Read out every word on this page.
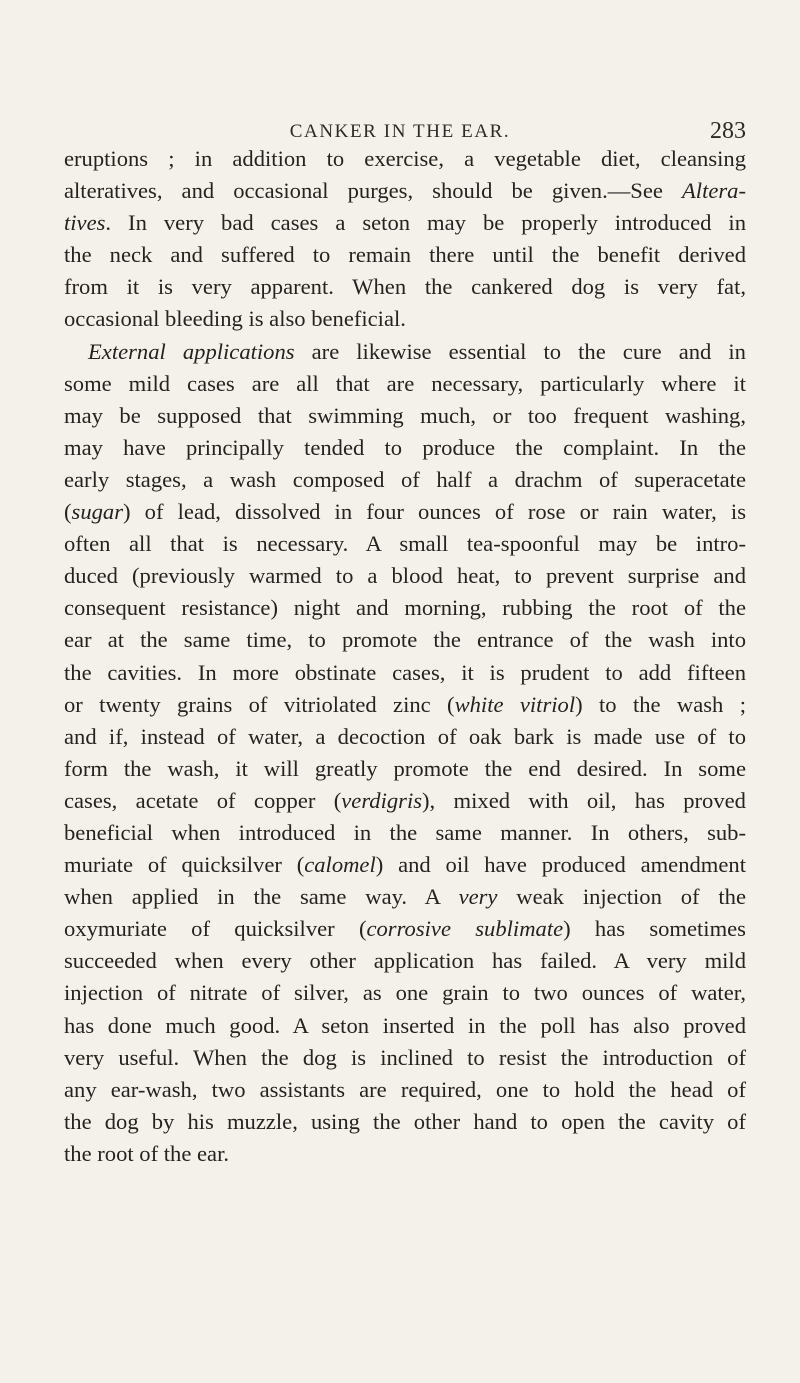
CANKER IN THE EAR.	283
eruptions ; in addition to exercise, a vegetable diet, cleansing
alteratives, and occasional purges, should be given.—See Altera-
tives. In very bad cases a seton may be properly introduced in
the neck and suffered to remain there until the benefit derived
from it is very apparent. When the cankered dog is very fat,
occasional bleeding is also beneficial.
External applications are likewise essential to the cure and in
some mild cases are all that are necessary, particularly where it
may be supposed that swimming much, or too frequent washing,
may have principally tended to produce the complaint. In the
early stages, a wash composed of half a drachm of superacetate
(sugar) of lead, dissolved in four ounces of rose or rain water, is
often all that is necessary. A small tea-spoonful may be intro-
duced (previously warmed to a blood heat, to prevent surprise and
consequent resistance) night and morning, rubbing the root of the
ear at the same time, to promote the entrance of the wash into
the cavities. In more obstinate cases, it is prudent to add fifteen
or twenty grains of vitriolated zinc (white vitriol) to the wash ;
and if, instead of water, a decoction of oak bark is made use of to
form the wash, it will greatly promote the end desired. In some
cases, acetate of copper (verdigris), mixed with oil, has proved
beneficial when introduced in the same manner. In others, sub-
muriate of quicksilver (calomel) and oil have produced amendment
when applied in the same way. A very weak injection of the
oxymuriate of quicksilver (corrosive sublimate) has sometimes
succeeded when every other application has failed. A very mild
injection of nitrate of silver, as one grain to two ounces of water,
has done much good. A seton inserted in the poll has also proved
very useful. When the dog is inclined to resist the introduction of
any ear-wash, two assistants are required, one to hold the head of
the dog by his muzzle, using the other hand to open the cavity of
the root of the ear.
